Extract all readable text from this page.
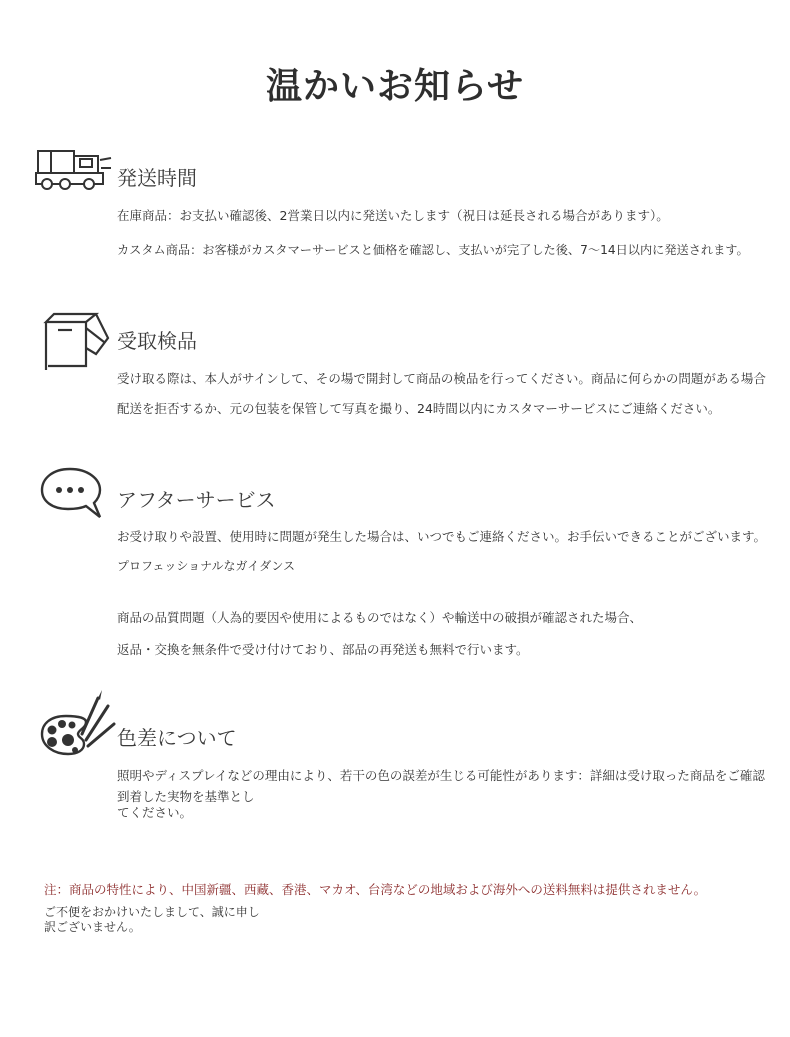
温かいお知らせ
発送時間
在庫商品：お支払い確認後、2営業日以内に発送いたします（祝日は延長される場合があります）。
カスタム商品：お客様がカスタマーサービスと価格を確認し、支払いが完了した後、7〜14日以内に発送されます。
受取検品
受け取る際は、本人がサインして、その場で開封して商品の検品を行ってください。商品に何らかの問題がある場合
配送を拒否するか、元の包装を保管して写真を撮り、24時間以内にカスタマーサービスにご連絡ください。
アフターサービス
お受け取りや設置、使用時に問題が発生した場合は、いつでもご連絡ください。お手伝いできることがございます。
プロフェッショナルなガイダンス
商品の品質問題（人為的要因や使用によるものではなく）や輸送中の破損が確認された場合、
返品・交換を無条件で受け付けており、部品の再発送も無料で行います。
色差について
照明やディスプレイなどの理由により、若干の色の誤差が生じる可能性があります：詳細は受け取った商品をご確認
到着した実物を基準としてください。
注：商品の特性により、中国新疆、西藏、香港、マカオ、台湾などの地域および海外への送料無料は提供されません。
ご不便をおかけいたしまして、誠に申し訳ございません。
